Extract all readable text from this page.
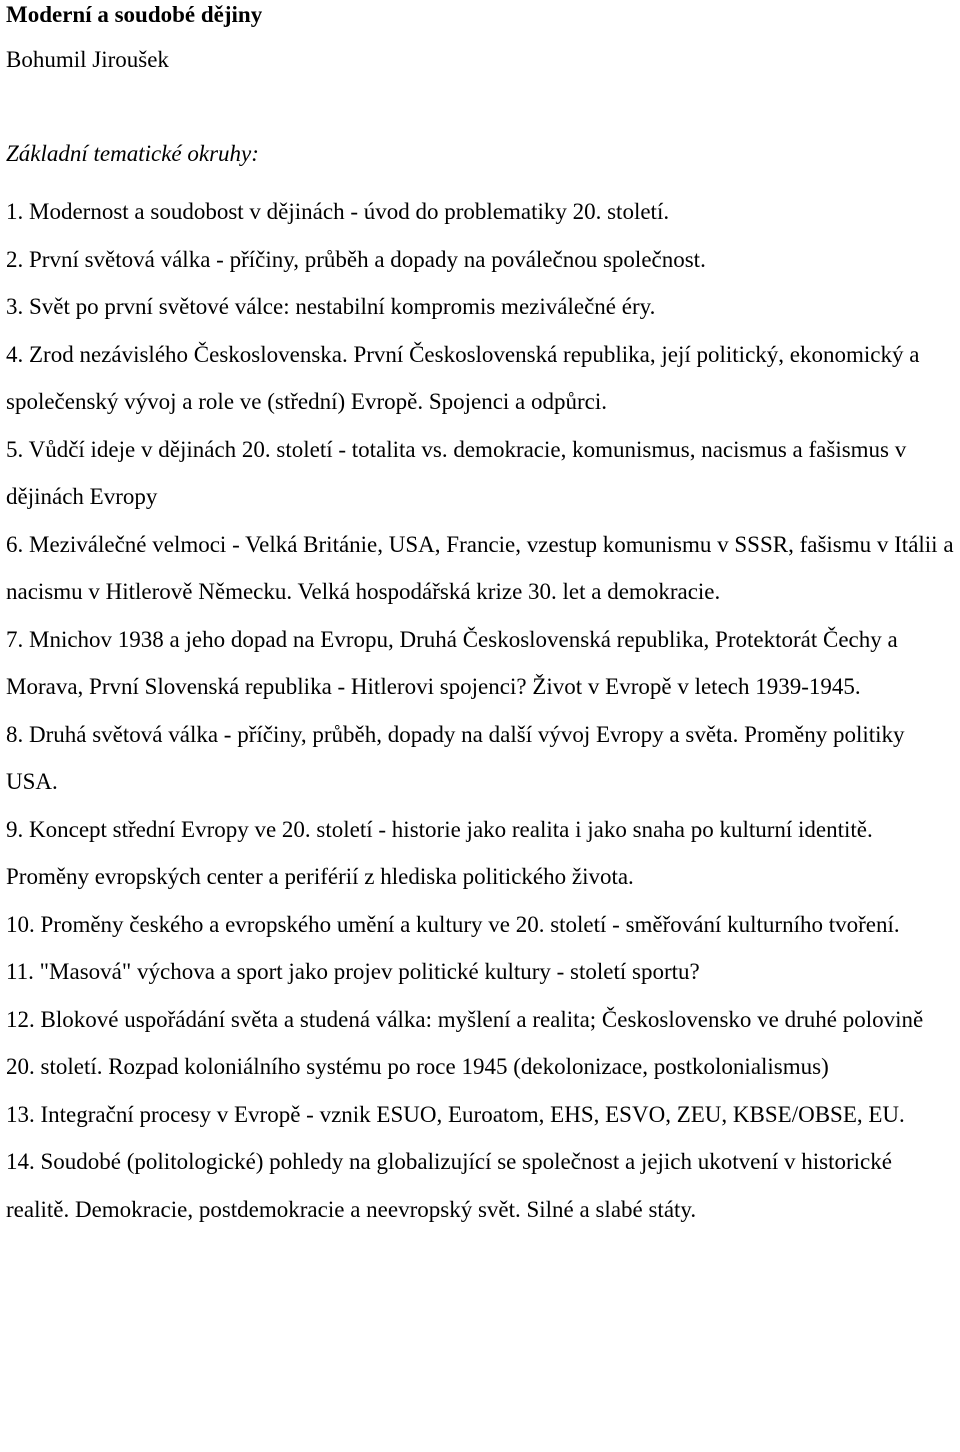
Moderní a soudobé dějiny
Bohumil Jiroušek
Základní tematické okruhy:

1. Modernost a soudobost v dějinách - úvod do problematiky 20. století.

2. První světová válka - příčiny, průběh a dopady na poválečnou společnost.

3. Svět po první světové válce: nestabilní kompromis meziválečné éry.

4. Zrod nezávislého Československa. První Československá republika, její politický, ekonomický a společenský vývoj a role ve (střední) Evropě. Spojenci a odpůrci.

5. Vůdčí ideje v dějinách 20. století - totalita vs. demokracie, komunismus, nacismus a fašismus v dějinách Evropy

6. Meziválečné velmoci - Velká Británie, USA, Francie, vzestup komunismu v SSSR, fašismu v Itálii a nacismu v Hitlerově Německu. Velká hospodářská krize 30. let a demokracie.

7. Mnichov 1938 a jeho dopad na Evropu, Druhá Československá republika, Protektorát Čechy a Morava, První Slovenská republika - Hitlerovi spojenci? Život v Evropě v letech 1939-1945.

8. Druhá světová válka - příčiny, průběh, dopady na další vývoj Evropy a světa. Proměny politiky USA.

9. Koncept střední Evropy ve 20. století - historie jako realita i jako snaha po kulturní identitě. Proměny evropských center a periférií z hlediska politického života.

10. Proměny českého a evropského umění a kultury ve 20. století - směřování kulturního tvoření.

11. "Masová" výchova a sport jako projev politické kultury - století sportu?

12. Blokové uspořádání světa a studená válka: myšlení a realita; Československo ve druhé polovině 20. století. Rozpad koloniálního systému po roce 1945 (dekolonizace, postkolonialismus)

13. Integrační procesy v Evropě - vznik ESUO, Euroatom, EHS, ESVO, ZEU, KBSE/OBSE, EU.

14. Soudobé (politologické) pohledy na globalizující se společnost a jejich ukotvení v historické realitě. Demokracie, postdemokracie a neevropský svět. Silné a slabé státy.
